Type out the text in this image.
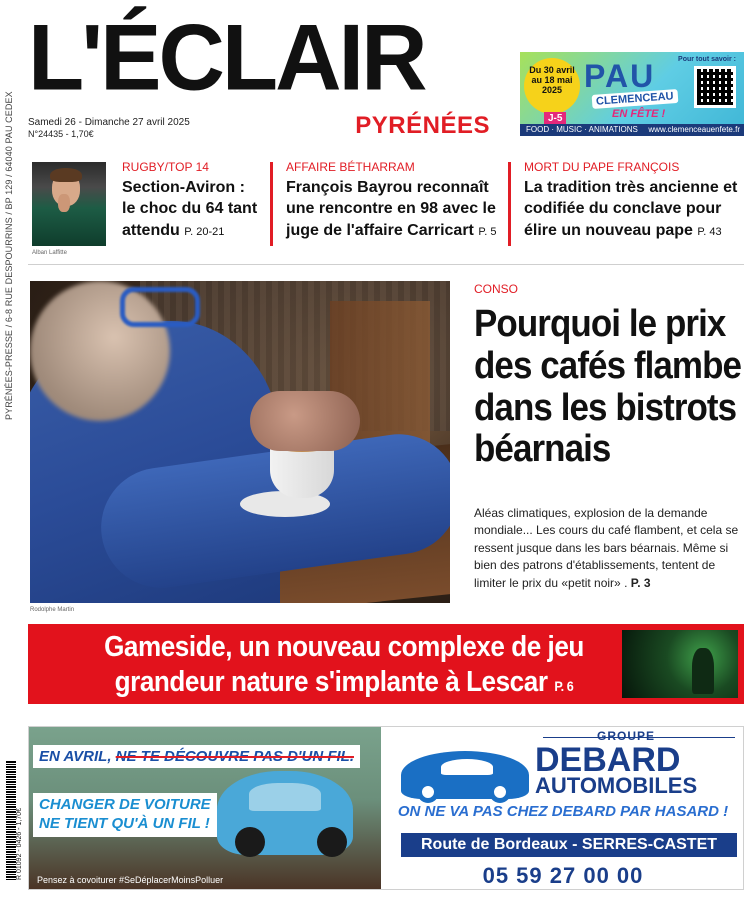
PYRÉNÉES-PRESSE / 6-8 RUE DESPOURRINS / BP 129 / 64040 PAU CEDEX
L'ÉCLAIR
PYRÉNÉES
Samedi 26 - Dimanche 27 avril 2025
N°24435 - 1,70€
Du 30 avril au 18 mai 2025
J-5
PAU
CLEMENCEAU
EN FÊTE !
Pour tout savoir :
FOOD · MUSIC · ANIMATIONS www.clemenceauenfete.fr
Alban Laffitte
RUGBY/TOP 14
Section-Aviron : le choc du 64 tant attendu P. 20-21
AFFAIRE BÉTHARRAM
François Bayrou reconnaît une rencontre en 98 avec le juge de l'affaire Carricart P. 5
MORT DU PAPE FRANÇOIS
La tradition très ancienne et codifiée du conclave pour élire un nouveau pape P. 43
Rodolphe Martin
CONSO
Pourquoi le prix des cafés flambe dans les bistrots béarnais
Aléas climatiques, explosion de la demande mondiale... Les cours du café flambent, et cela se ressent jusque dans les bars béarnais. Même si bien des patrons d'établissements, tentent de limiter le prix du «petit noir» . P. 3
Gameside, un nouveau complexe de jeu grandeur nature s'implante à Lescar P. 6
EN AVRIL, NE TE DÉCOUVRE PAS D'UN FIL.
CHANGER DE VOITURE
NE TIENT QU'À UN FIL !
Pensez à covoiturer #SeDéplacerMoinsPolluer
GROUPE
DEBARD
AUTOMOBILES
ON NE VA PAS CHEZ DEBARD PAR HASARD !
Route de Bordeaux - SERRES-CASTET
05 59 27 00 00
R 01092 - 0426 - 1,70€
